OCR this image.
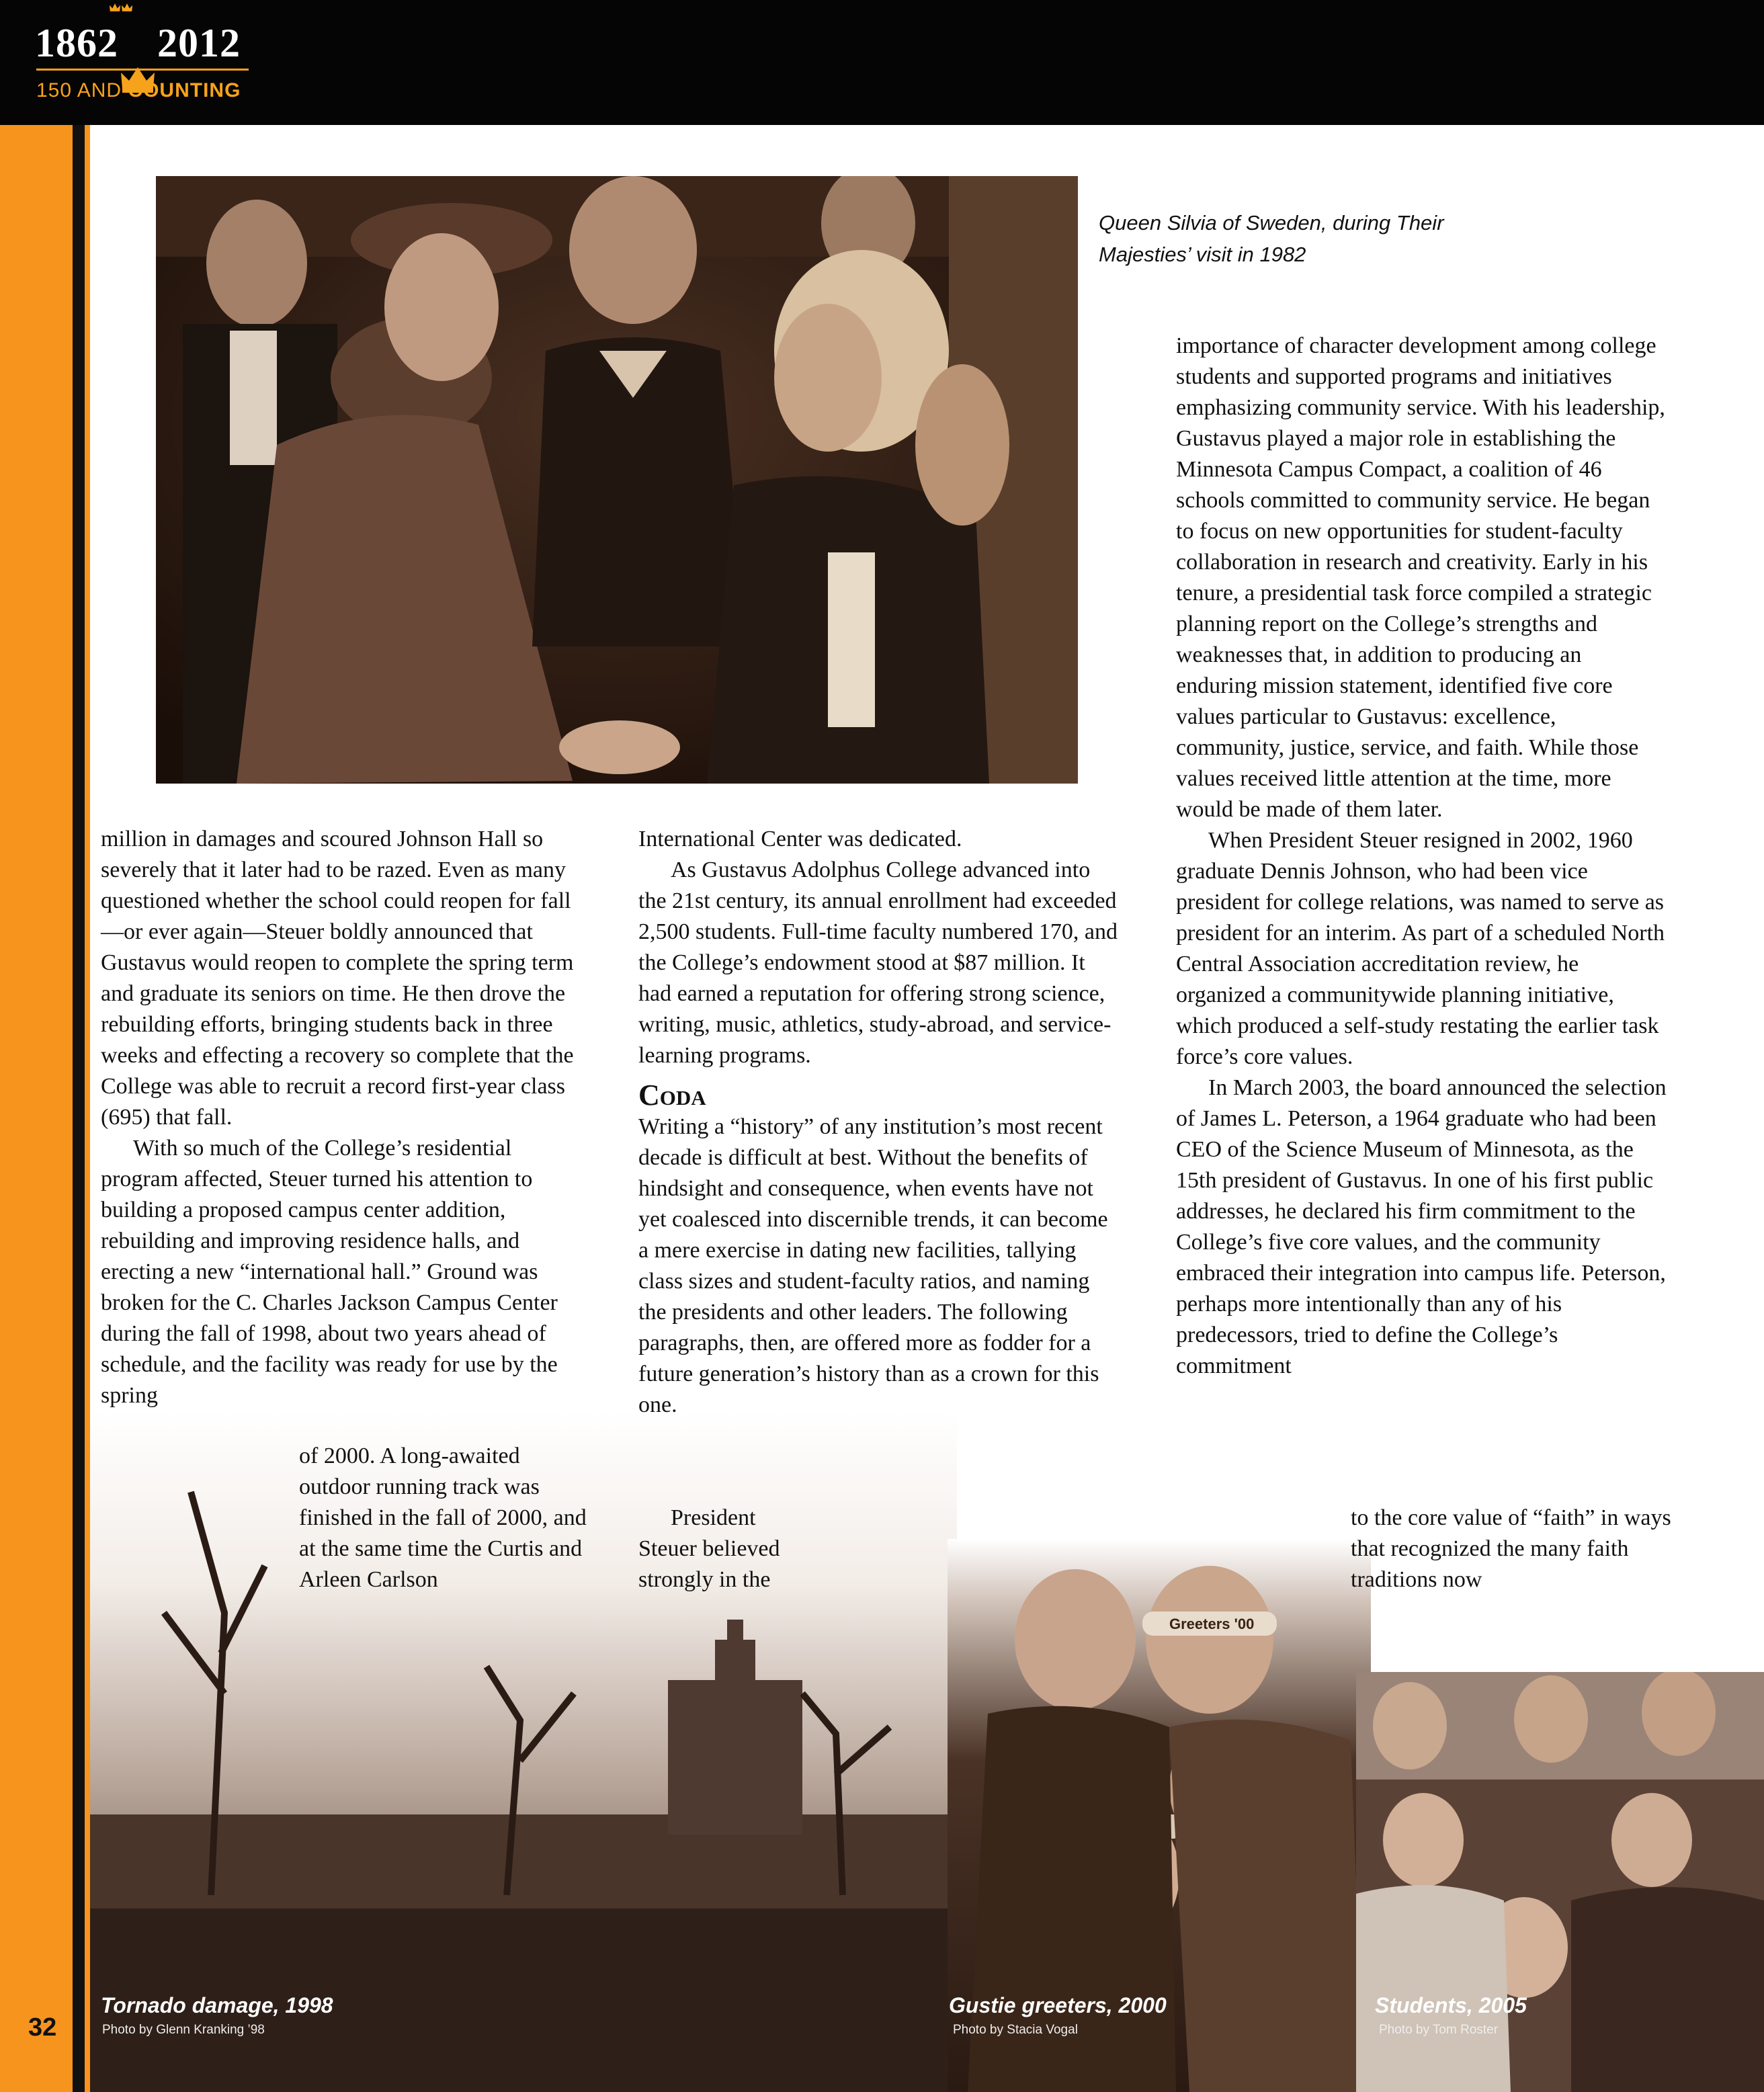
1862 2012
150 AND COUNTING
Queen Silvia of Sweden, during Their
Majesties’ visit in 1982
Greeters '00

million in damages and scoured Johnson Hall so severely that it later had to be razed. Even as many questioned whether the school could reopen for fall—or ever again—Steuer boldly announced that Gustavus would reopen to complete the spring term and graduate its seniors on time. He then drove the rebuilding efforts, bringing students back in three weeks and effecting a recovery so complete that the College was able to recruit a record first-year class (695) that fall.

With so much of the College’s residential program affected, Steuer turned his attention to building a proposed campus center addition, rebuilding and improving residence halls, and erecting a new “international hall.” Ground was broken for the C. Charles Jackson Campus Center during the fall of 1998, about two years ahead of schedule, and the facility was ready for use by the spring

of 2000. A long-awaited outdoor running track was finished in the fall of 2000, and at the same time the Curtis and Arleen Carlson

International Center was dedicated.

As Gustavus Adolphus College advanced into the 21st century, its annual enrollment had exceeded 2,500 students. Full-time faculty numbered 170, and the College’s endowment stood at $87 million. It had earned a reputation for offering strong science, writing, music, athletics, study-abroad, and service-learning programs.

Coda

Writing a “history” of any institution’s most recent decade is difficult at best. Without the benefits of hindsight and consequence, when events have not yet coalesced into discernible trends, it can become a mere exercise in dating new facilities, tallying class sizes and student-faculty ratios, and naming the presidents and other leaders. The following paragraphs, then, are offered more as fodder for a future generation’s history than as a crown for this one.

President Steuer believed strongly in the

importance of character development among college students and supported programs and initiatives emphasizing community service. With his leadership, Gustavus played a major role in establishing the Minnesota Campus Compact, a coalition of 46 schools committed to community service. He began to focus on new opportunities for student-faculty collaboration in research and creativity. Early in his tenure, a presidential task force compiled a strategic planning report on the College’s strengths and weaknesses that, in addition to producing an enduring mission statement, identified five core values particular to Gustavus: excellence, community, justice, service, and faith. While those values received little attention at the time, more would be made of them later.

When President Steuer resigned in 2002, 1960 graduate Dennis Johnson, who had been vice president for college relations, was named to serve as president for an interim. As part of a scheduled North Central Association accreditation review, he organized a communitywide planning initiative, which produced a self-study restating the earlier task force’s core values.

In March 2003, the board announced the selection of James L. Peterson, a 1964 graduate who had been CEO of the Science Museum of Minnesota, as the 15th president of Gustavus. In one of his first public addresses, he declared his firm commitment to the College’s five core values, and the community embraced their integration into campus life. Peterson, perhaps more intentionally than any of his predecessors, tried to define the College’s commitment

to the core value of “faith” in ways that recognized the many faith traditions now

Tornado damage, 1998
Photo by Glenn Kranking ’98
Gustie greeters, 2000
Photo by Stacia Vogal
Students, 2005
Photo by Tom Roster
32
